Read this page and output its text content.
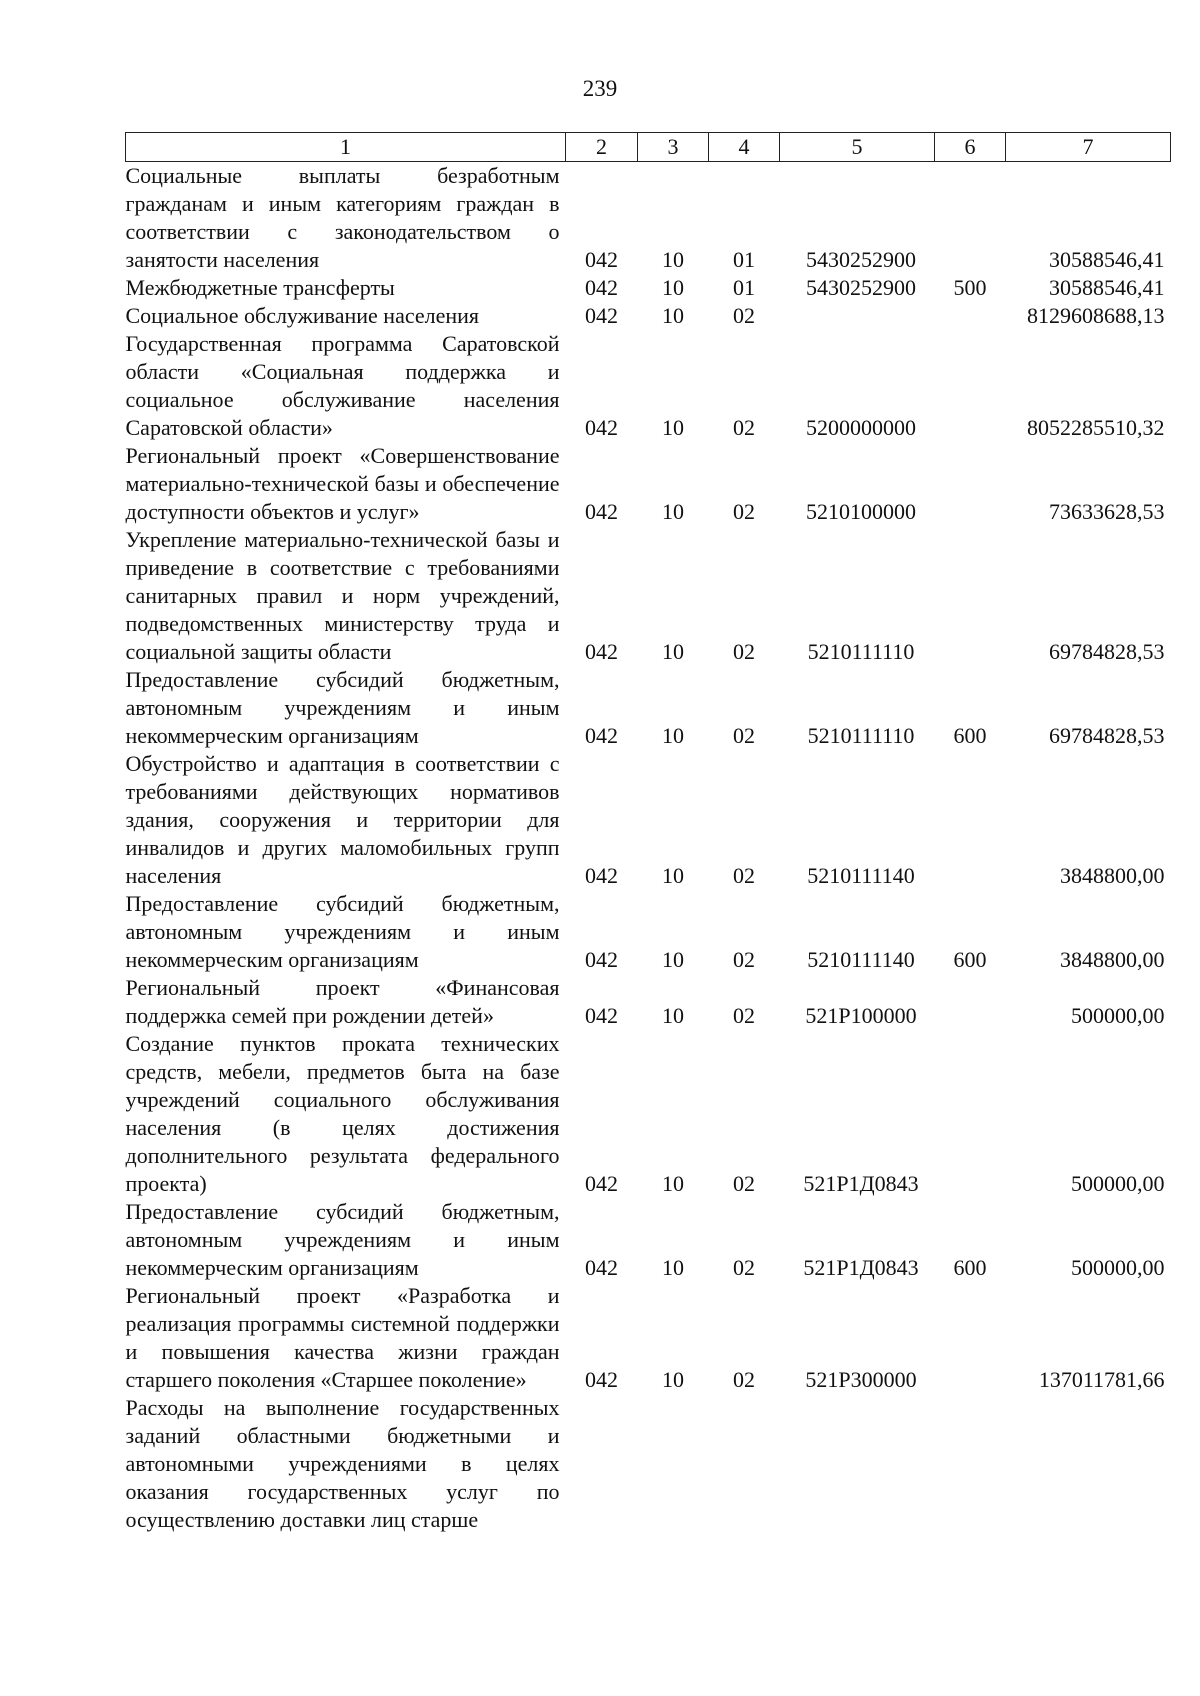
239
1	2	3	4	5	6	7
Социальные выплаты безработным гражданам и иным категориям граждан в соответствии с законодательством о занятости населения	042	10	01	5430252900		30588546,41
Межбюджетные трансферты	042	10	01	5430252900	500	30588546,41
Социальное обслуживание населения	042	10	02			8129608688,13
Государственная программа Саратовской области «Социальная поддержка и социальное обслуживание населения Саратовской области»	042	10	02	5200000000		8052285510,32
Региональный проект «Совершенствование материально-технической базы и обеспечение доступности объектов и услуг»	042	10	02	5210100000		73633628,53
Укрепление материально-технической базы и приведение в соответствие с требованиями санитарных правил и норм учреждений, подведомственных министерству труда и социальной защиты области	042	10	02	5210111110		69784828,53
Предоставление субсидий бюджетным, автономным учреждениям и иным некоммерческим организациям	042	10	02	5210111110	600	69784828,53
Обустройство и адаптация в соответствии с требованиями действующих нормативов здания, сооружения и территории для инвалидов и других маломобильных групп населения	042	10	02	5210111140		3848800,00
Предоставление субсидий бюджетным, автономным учреждениям и иным некоммерческим организациям	042	10	02	5210111140	600	3848800,00
Региональный проект «Финансовая поддержка семей при рождении детей»	042	10	02	521P100000		500000,00
Создание пунктов проката технических средств, мебели, предметов быта на базе учреждений социального обслуживания населения (в целях достижения дополнительного результата федерального проекта)	042	10	02	521P1Д0843		500000,00
Предоставление субсидий бюджетным, автономным учреждениям и иным некоммерческим организациям	042	10	02	521P1Д0843	600	500000,00
Региональный проект «Разработка и реализация программы системной поддержки и повышения качества жизни граждан старшего поколения «Старшее поколение»	042	10	02	521P300000		137011781,66
Расходы на выполнение государственных заданий областными бюджетными и автономными учреждениями в целях оказания государственных услуг по осуществлению доставки лиц старше						
